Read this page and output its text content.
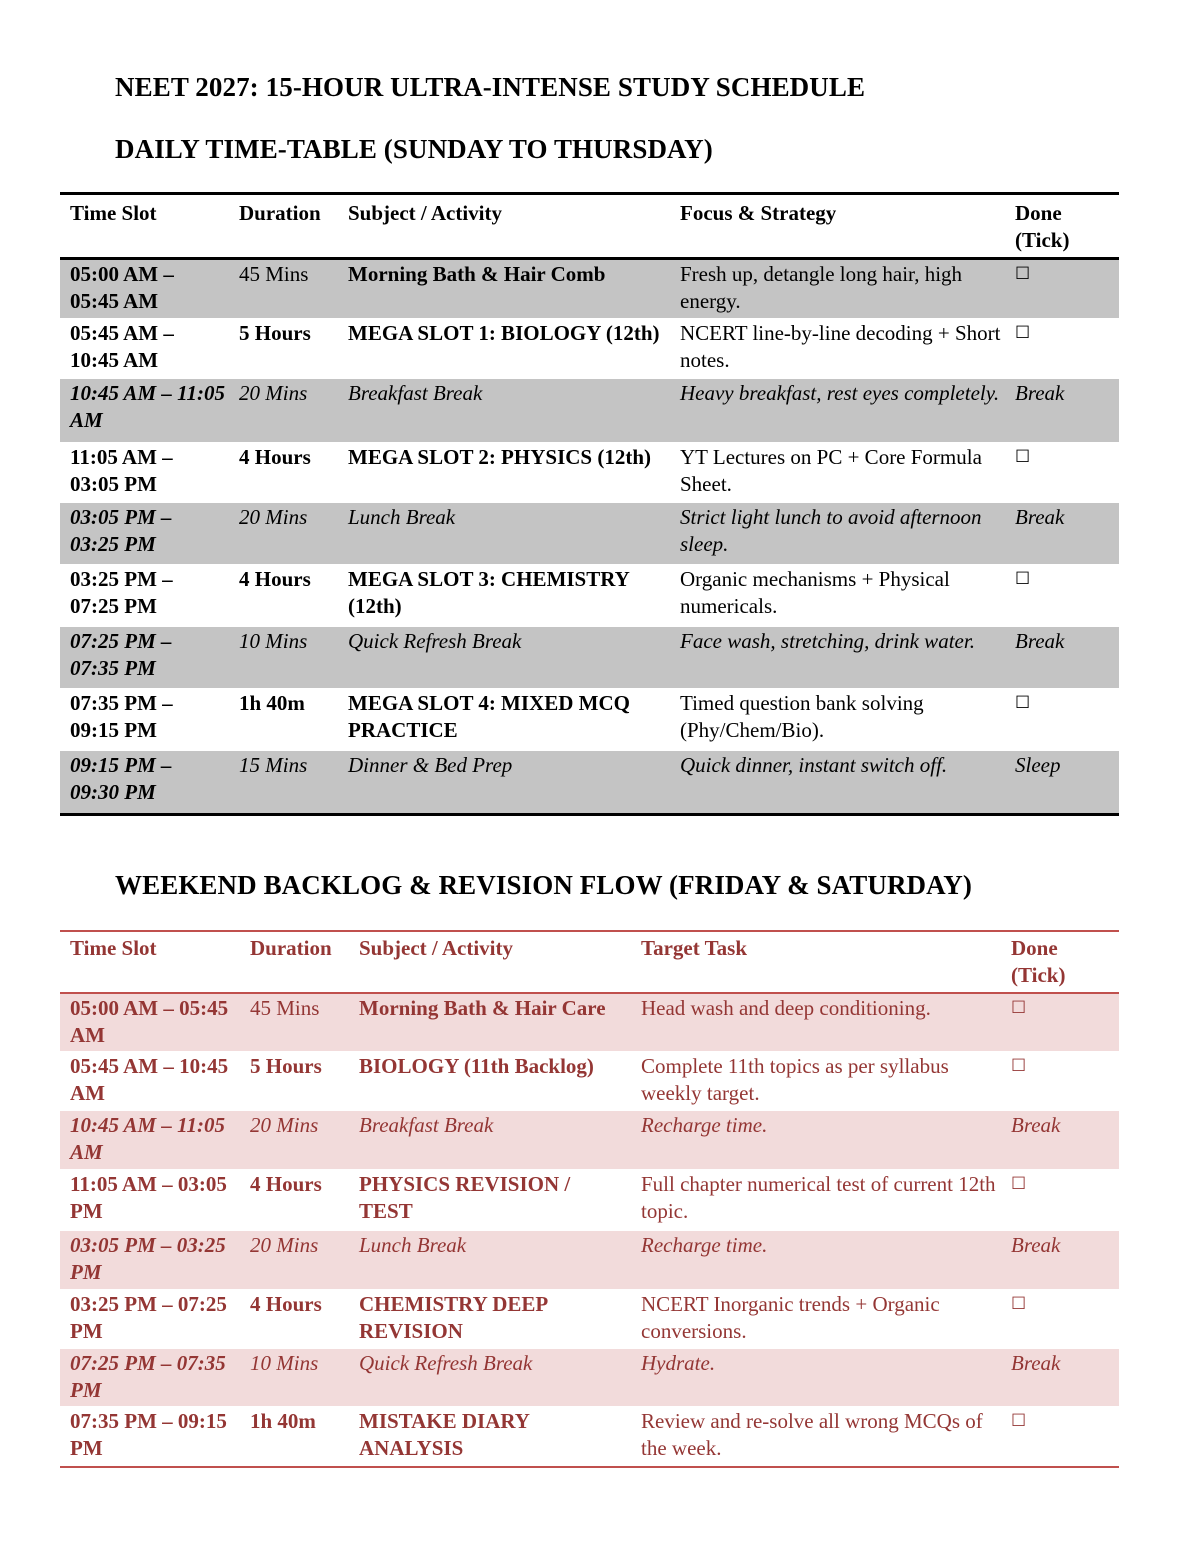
NEET 2027: 15-HOUR ULTRA-INTENSE STUDY SCHEDULE
DAILY TIME-TABLE (SUNDAY TO THURSDAY)
Time Slot	Duration	Subject / Activity	Focus & Strategy	Done (Tick)
05:00 AM – 05:45 AM	45 Mins	Morning Bath & Hair Comb	Fresh up, detangle long hair, high energy.	☐
05:45 AM – 10:45 AM	5 Hours	MEGA SLOT 1: BIOLOGY (12th)	NCERT line-by-line decoding + Short notes.	☐
10:45 AM – 11:05 AM	20 Mins	Breakfast Break	Heavy breakfast, rest eyes completely.	Break
11:05 AM – 03:05 PM	4 Hours	MEGA SLOT 2: PHYSICS (12th)	YT Lectures on PC + Core Formula Sheet.	☐
03:05 PM – 03:25 PM	20 Mins	Lunch Break	Strict light lunch to avoid afternoon sleep.	Break
03:25 PM – 07:25 PM	4 Hours	MEGA SLOT 3: CHEMISTRY (12th)	Organic mechanisms + Physical numericals.	☐
07:25 PM – 07:35 PM	10 Mins	Quick Refresh Break	Face wash, stretching, drink water.	Break
07:35 PM – 09:15 PM	1h 40m	MEGA SLOT 4: MIXED MCQ PRACTICE	Timed question bank solving (Phy/Chem/Bio).	☐
09:15 PM – 09:30 PM	15 Mins	Dinner & Bed Prep	Quick dinner, instant switch off.	Sleep
WEEKEND BACKLOG & REVISION FLOW (FRIDAY & SATURDAY)
Time Slot	Duration	Subject / Activity	Target Task	Done (Tick)
05:00 AM – 05:45 AM	45 Mins	Morning Bath & Hair Care	Head wash and deep conditioning.	☐
05:45 AM – 10:45 AM	5 Hours	BIOLOGY (11th Backlog)	Complete 11th topics as per syllabus weekly target.	☐
10:45 AM – 11:05 AM	20 Mins	Breakfast Break	Recharge time.	Break
11:05 AM – 03:05 PM	4 Hours	PHYSICS REVISION / TEST	Full chapter numerical test of current 12th topic.	☐
03:05 PM – 03:25 PM	20 Mins	Lunch Break	Recharge time.	Break
03:25 PM – 07:25 PM	4 Hours	CHEMISTRY DEEP REVISION	NCERT Inorganic trends + Organic conversions.	☐
07:25 PM – 07:35 PM	10 Mins	Quick Refresh Break	Hydrate.	Break
07:35 PM – 09:15 PM	1h 40m	MISTAKE DIARY ANALYSIS	Review and re-solve all wrong MCQs of the week.	☐
